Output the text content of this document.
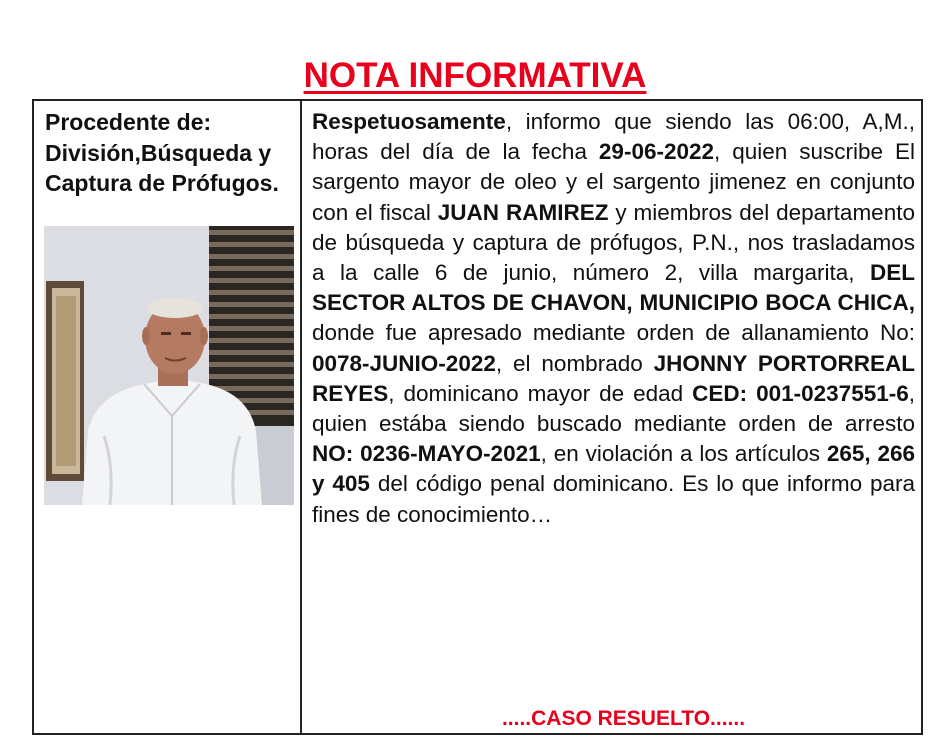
NOTA INFORMATIVA
Procedente de: División,Búsqueda y Captura de Prófugos.
Respetuosamente, informo que siendo las 06:00, A,M., horas del día de la fecha 29-06-2022, quien suscribe El sargento mayor de oleo y el sargento jimenez en conjunto con el fiscal JUAN RAMIREZ y miembros del departamento de búsqueda y captura de prófugos, P.N., nos trasladamos a la calle 6 de junio, número 2, villa margarita, DEL SECTOR ALTOS DE CHAVON, MUNICIPIO BOCA CHICA, donde fue apresado mediante orden de allanamiento No: 0078-JUNIO-2022, el nombrado JHONNY PORTORREAL REYES, dominicano mayor de edad CED: 001-0237551-6, quien estába siendo buscado mediante orden de arresto NO: 0236-MAYO-2021, en violación a los artículos 265, 266 y 405 del código penal dominicano. Es lo que informo para fines de conocimiento…
.....CASO RESUELTO......
